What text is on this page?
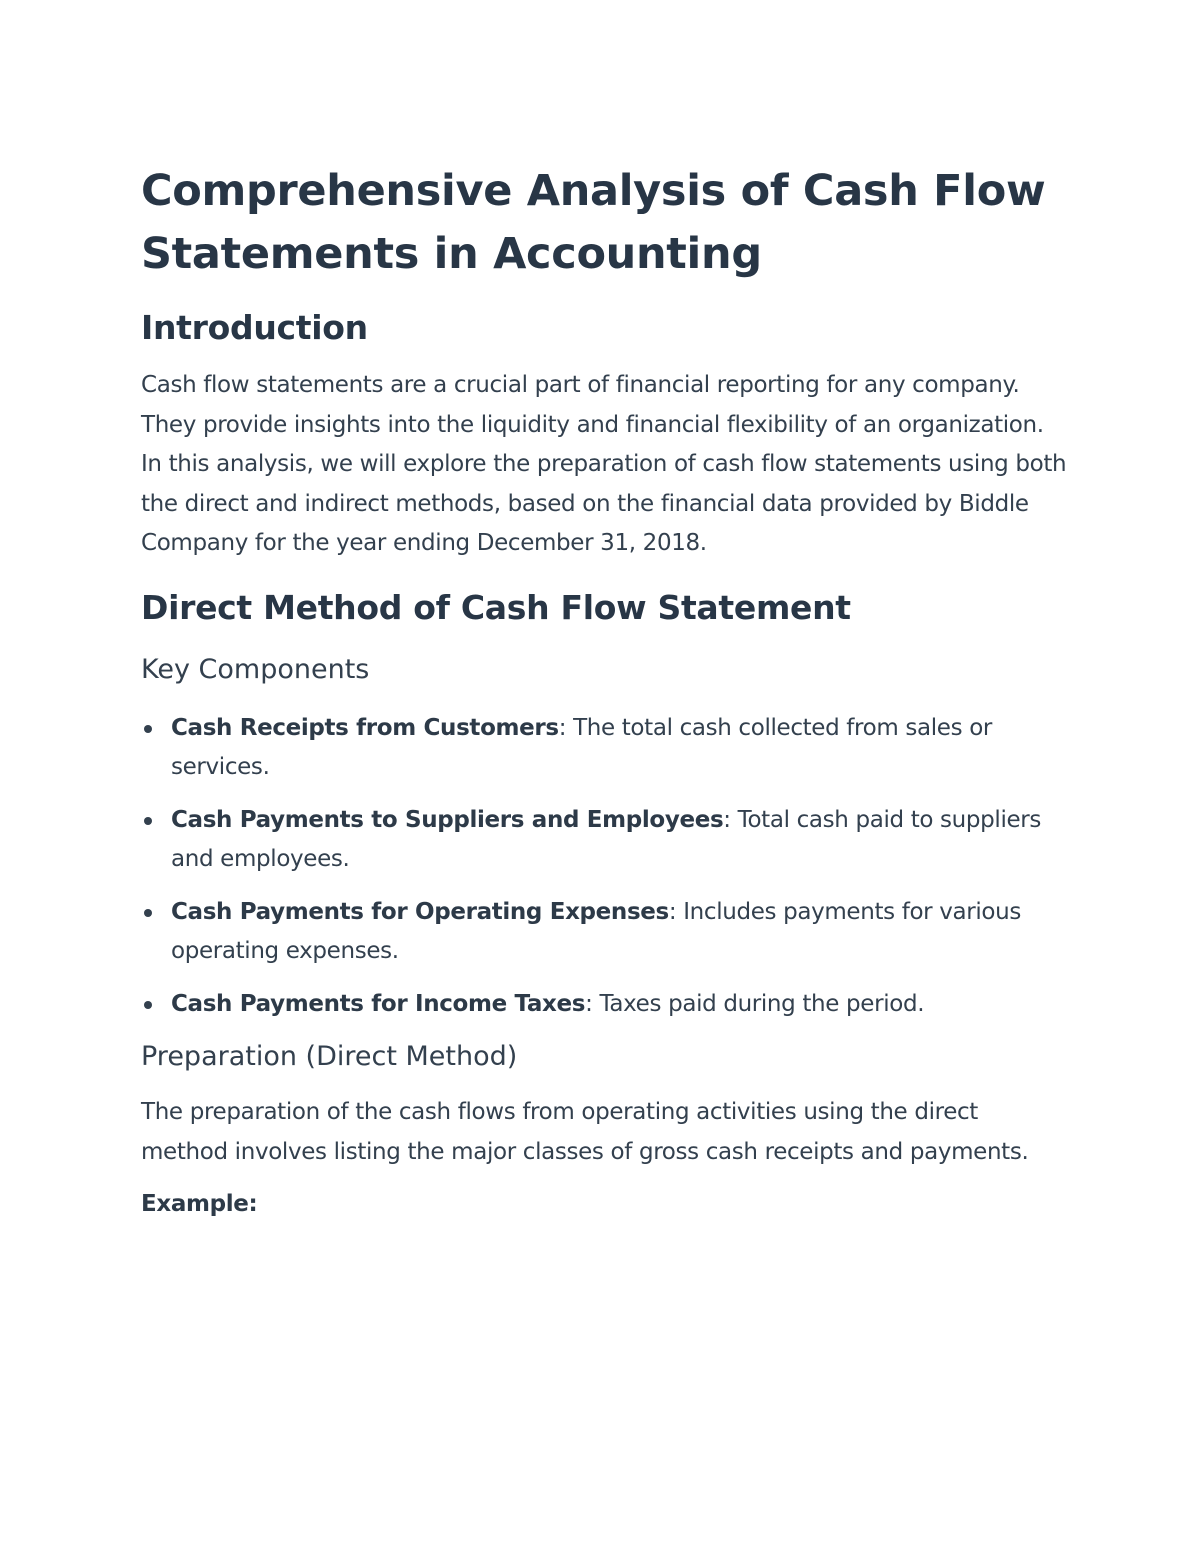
Comprehensive Analysis of Cash Flow Statements in Accounting
Introduction

Cash flow statements are a crucial part of financial reporting for any company. They provide insights into the liquidity and financial flexibility of an organization. In this analysis, we will explore the preparation of cash flow statements using both the direct and indirect methods, based on the financial data provided by Biddle Company for the year ending December 31, 2018.

Direct Method of Cash Flow Statement
Key Components
Cash Receipts from Customers: The total cash collected from sales or services.
Cash Payments to Suppliers and Employees: Total cash paid to suppliers and employees.
Cash Payments for Operating Expenses: Includes payments for various operating expenses.
Cash Payments for Income Taxes: Taxes paid during the period.
Preparation (Direct Method)

The preparation of the cash flows from operating activities using the direct method involves listing the major classes of gross cash receipts and payments.

Example:
